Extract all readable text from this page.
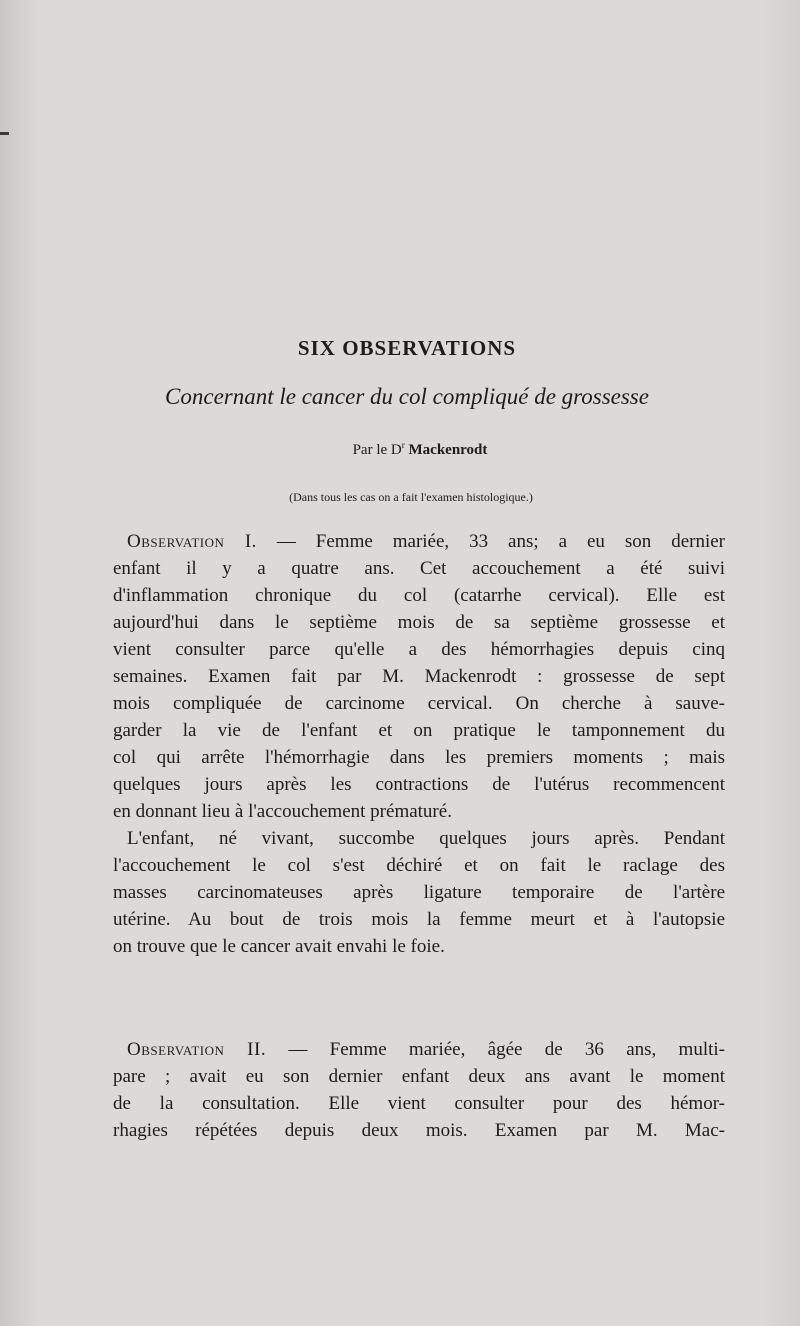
SIX OBSERVATIONS
Concernant le cancer du col compliqué de grossesse
Par le $D^r$ Mackenrodt
(Dans tous les cas on a fait l'examen histologique.)
Observation I. — Femme mariée, 33 ans; a eu son dernier
enfant il y a quatre ans. Cet accouchement a été suivi
d'inflammation chronique du col (catarrhe cervical). Elle est
aujourd'hui dans le septième mois de sa septième grossesse et
vient consulter parce qu'elle a des hémorrhagies depuis cinq
semaines. Examen fait par M. Mackenrodt : grossesse de sept
mois compliquée de carcinome cervical. On cherche à sauve-
garder la vie de l'enfant et on pratique le tamponnement du
col qui arrête l'hémorrhagie dans les premiers moments ; mais
quelques jours après les contractions de l'utérus recommencent
en donnant lieu à l'accouchement prématuré.
L'enfant, né vivant, succombe quelques jours après. Pendant
l'accouchement le col s'est déchiré et on fait le raclage des
masses carcinomateuses après ligature temporaire de l'artère
utérine. Au bout de trois mois la femme meurt et à l'autopsie
on trouve que le cancer avait envahi le foie.
Observation II. — Femme mariée, âgée de 36 ans, multi-
pare ; avait eu son dernier enfant deux ans avant le moment
de la consultation. Elle vient consulter pour des hémor-
rhagies répétées depuis deux mois. Examen par M. Mac-
